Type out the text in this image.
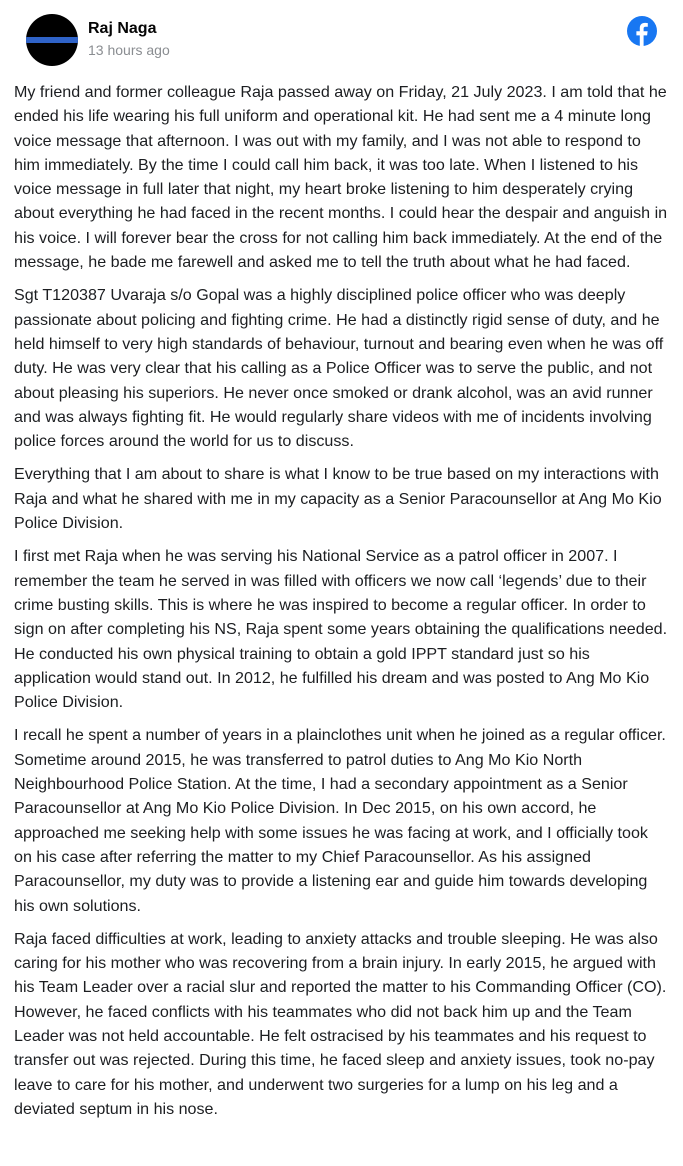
Raj Naga
13 hours ago

My friend and former colleague Raja passed away on Friday, 21 July 2023. I am told that he ended his life wearing his full uniform and operational kit. He had sent me a 4 minute long voice message that afternoon. I was out with my family, and I was not able to respond to him immediately. By the time I could call him back, it was too late. When I listened to his voice message in full later that night, my heart broke listening to him desperately crying about everything he had faced in the recent months. I could hear the despair and anguish in his voice. I will forever bear the cross for not calling him back immediately. At the end of the message, he bade me farewell and asked me to tell the truth about what he had faced.

Sgt T120387 Uvaraja s/o Gopal was a highly disciplined police officer who was deeply passionate about policing and fighting crime. He had a distinctly rigid sense of duty, and he held himself to very high standards of behaviour, turnout and bearing even when he was off duty. He was very clear that his calling as a Police Officer was to serve the public, and not about pleasing his superiors. He never once smoked or drank alcohol, was an avid runner and was always fighting fit. He would regularly share videos with me of incidents involving police forces around the world for us to discuss.

Everything that I am about to share is what I know to be true based on my interactions with Raja and what he shared with me in my capacity as a Senior Paracounsellor at Ang Mo Kio Police Division.

I first met Raja when he was serving his National Service as a patrol officer in 2007. I remember the team he served in was filled with officers we now call ‘legends’ due to their crime busting skills. This is where he was inspired to become a regular officer. In order to sign on after completing his NS, Raja spent some years obtaining the qualifications needed. He conducted his own physical training to obtain a gold IPPT standard just so his application would stand out. In 2012, he fulfilled his dream and was posted to Ang Mo Kio Police Division.

I recall he spent a number of years in a plainclothes unit when he joined as a regular officer. Sometime around 2015, he was transferred to patrol duties to Ang Mo Kio North Neighbourhood Police Station. At the time, I had a secondary appointment as a Senior Paracounsellor at Ang Mo Kio Police Division. In Dec 2015, on his own accord, he approached me seeking help with some issues he was facing at work, and I officially took on his case after referring the matter to my Chief Paracounsellor. As his assigned Paracounsellor, my duty was to provide a listening ear and guide him towards developing his own solutions.

Raja faced difficulties at work, leading to anxiety attacks and trouble sleeping. He was also caring for his mother who was recovering from a brain injury. In early 2015, he argued with his Team Leader over a racial slur and reported the matter to his Commanding Officer (CO). However, he faced conflicts with his teammates who did not back him up and the Team Leader was not held accountable. He felt ostracised by his teammates and his request to transfer out was rejected. During this time, he faced sleep and anxiety issues, took no-pay leave to care for his mother, and underwent two surgeries for a lump on his leg and a deviated septum in his nose.
